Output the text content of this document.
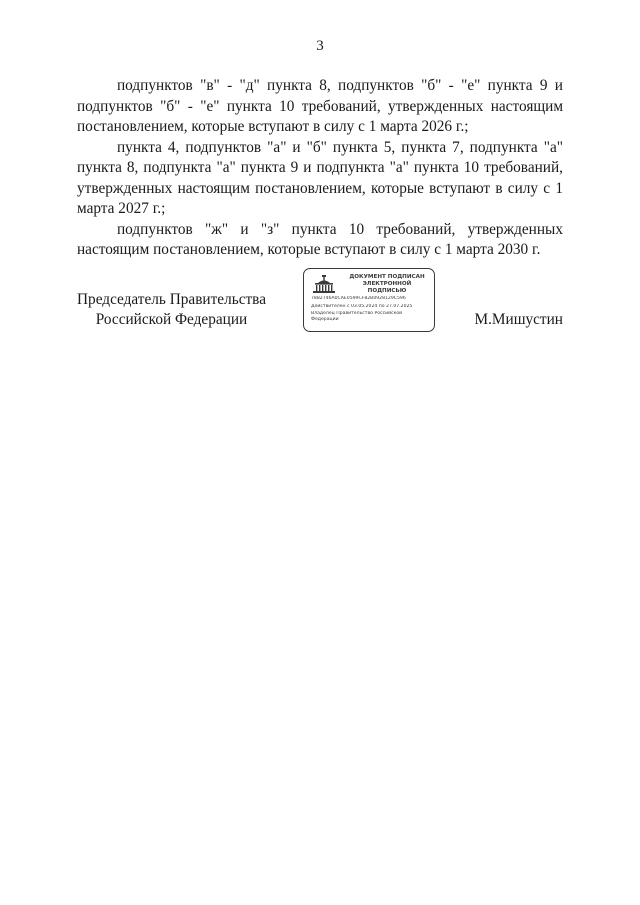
3

подпунктов "в" - "д" пункта 8, подпунктов "б" - "е" пункта 9 и подпунктов "б" - "е" пункта 10 требований, утвержденных настоящим постановлением, которые вступают в силу с 1 марта 2026 г.;

пункта 4, подпунктов "а" и "б" пункта 5, пункта 7, подпункта "а" пункта 8, подпункта "а" пункта 9 и подпункта "а" пункта 10 требований, утвержденных настоящим постановлением, которые вступают в силу с 1 марта 2027 г.;

подпунктов "ж" и "з" пункта 10 требований, утвержденных настоящим постановлением, которые вступают в силу с 1 марта 2030 г.

Председатель Правительства
Российской Федерации
ДОКУМЕНТ ПОДПИСАН
ЭЛЕКТРОННОЙ ПОДПИСЬЮ
7882746A0CAE0599CF82B0928129C596
Действителен с 03.05.2024 по 27.07.2025
Владелец Правительство Российской Федерации	М.Мишустин
